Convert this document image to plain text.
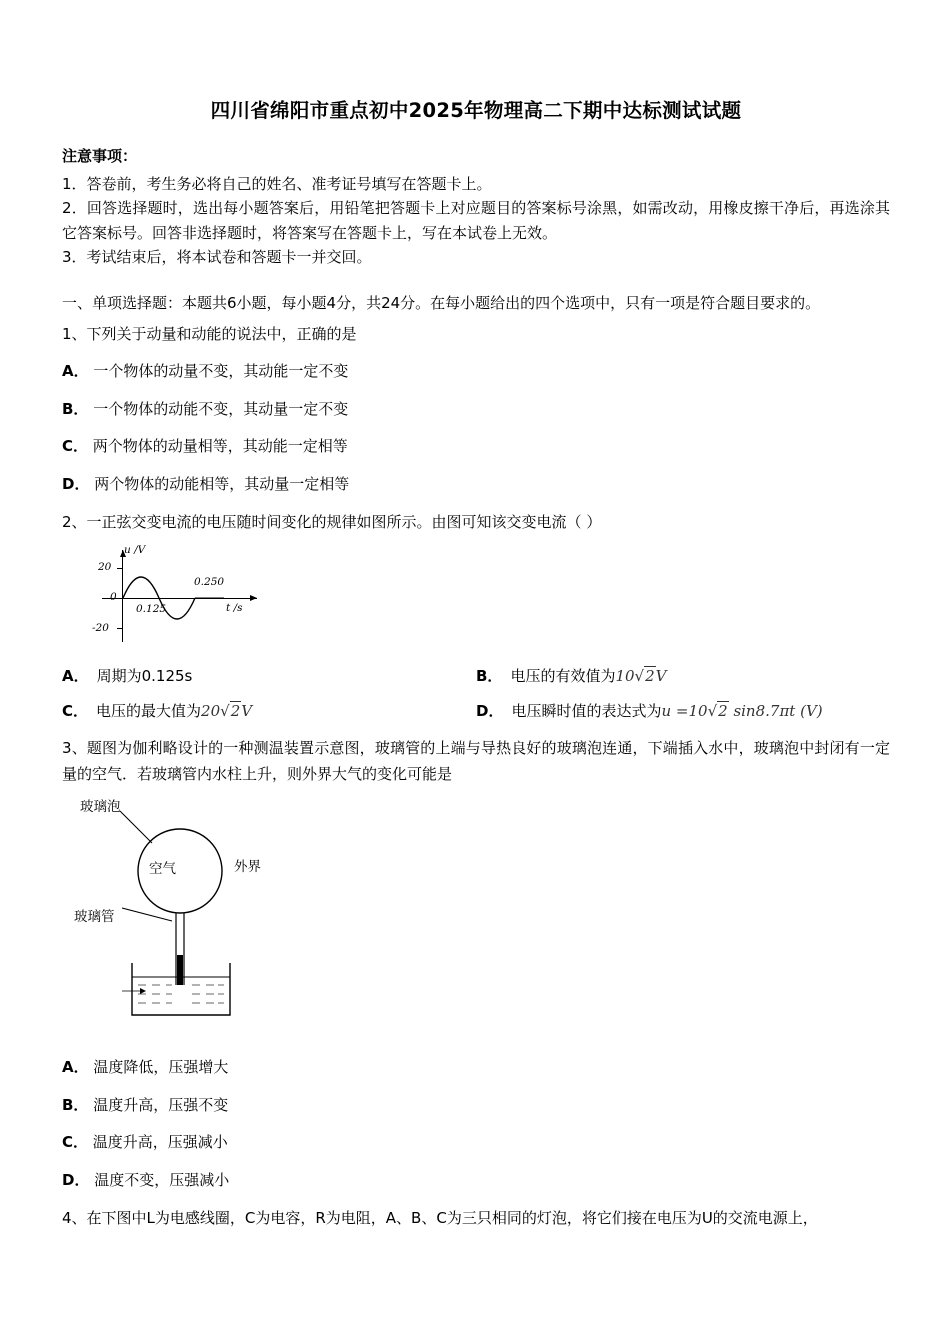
四川省绵阳市重点初中2025年物理高二下期中达标测试试题

注意事项：

1．答卷前，考生务必将自己的姓名、准考证号填写在答题卡上。

2．回答选择题时，选出每小题答案后，用铅笔把答题卡上对应题目的答案标号涂黑，如需改动，用橡皮擦干净后，再选涂其它答案标号。回答非选择题时，将答案写在答题卡上，写在本试卷上无效。

3．考试结束后，将本试卷和答题卡一并交回。

一、单项选择题：本题共6小题，每小题4分，共24分。在每小题给出的四个选项中，只有一项是符合题目要求的。

1、下列关于动量和动能的说法中，正确的是

A． 一个物体的动量不变，其动能一定不变

B． 一个物体的动能不变，其动量一定不变

C． 两个物体的动量相等，其动能一定相等

D． 两个物体的动能相等，其动量一定相等

2、一正弦交变电流的电压随时间变化的规律如图所示。由图可知该交变电流（ ）

u /V
20
0
-20
0.125
0.250
t /s
A． 周期为0.125s	B． 电压的有效值为 10√2V
C． 电压的最大值为 20√2V	D． 电压瞬时值的表达式为 u =10√2 sin8.7πt (V)

3、题图为伽利略设计的一种测温装置示意图，玻璃管的上端与导热良好的玻璃泡连通，下端插入水中，玻璃泡中封闭有一定量的空气．若玻璃管内水柱上升，则外界大气的变化可能是

玻璃泡
空气	外界
玻璃管

A． 温度降低，压强增大

B． 温度升高，压强不变

C． 温度升高，压强减小

D． 温度不变，压强减小

4、在下图中L为电感线圈，C为电容，R为电阻，A、B、C为三只相同的灯泡，将它们接在电压为U的交流电源上，
